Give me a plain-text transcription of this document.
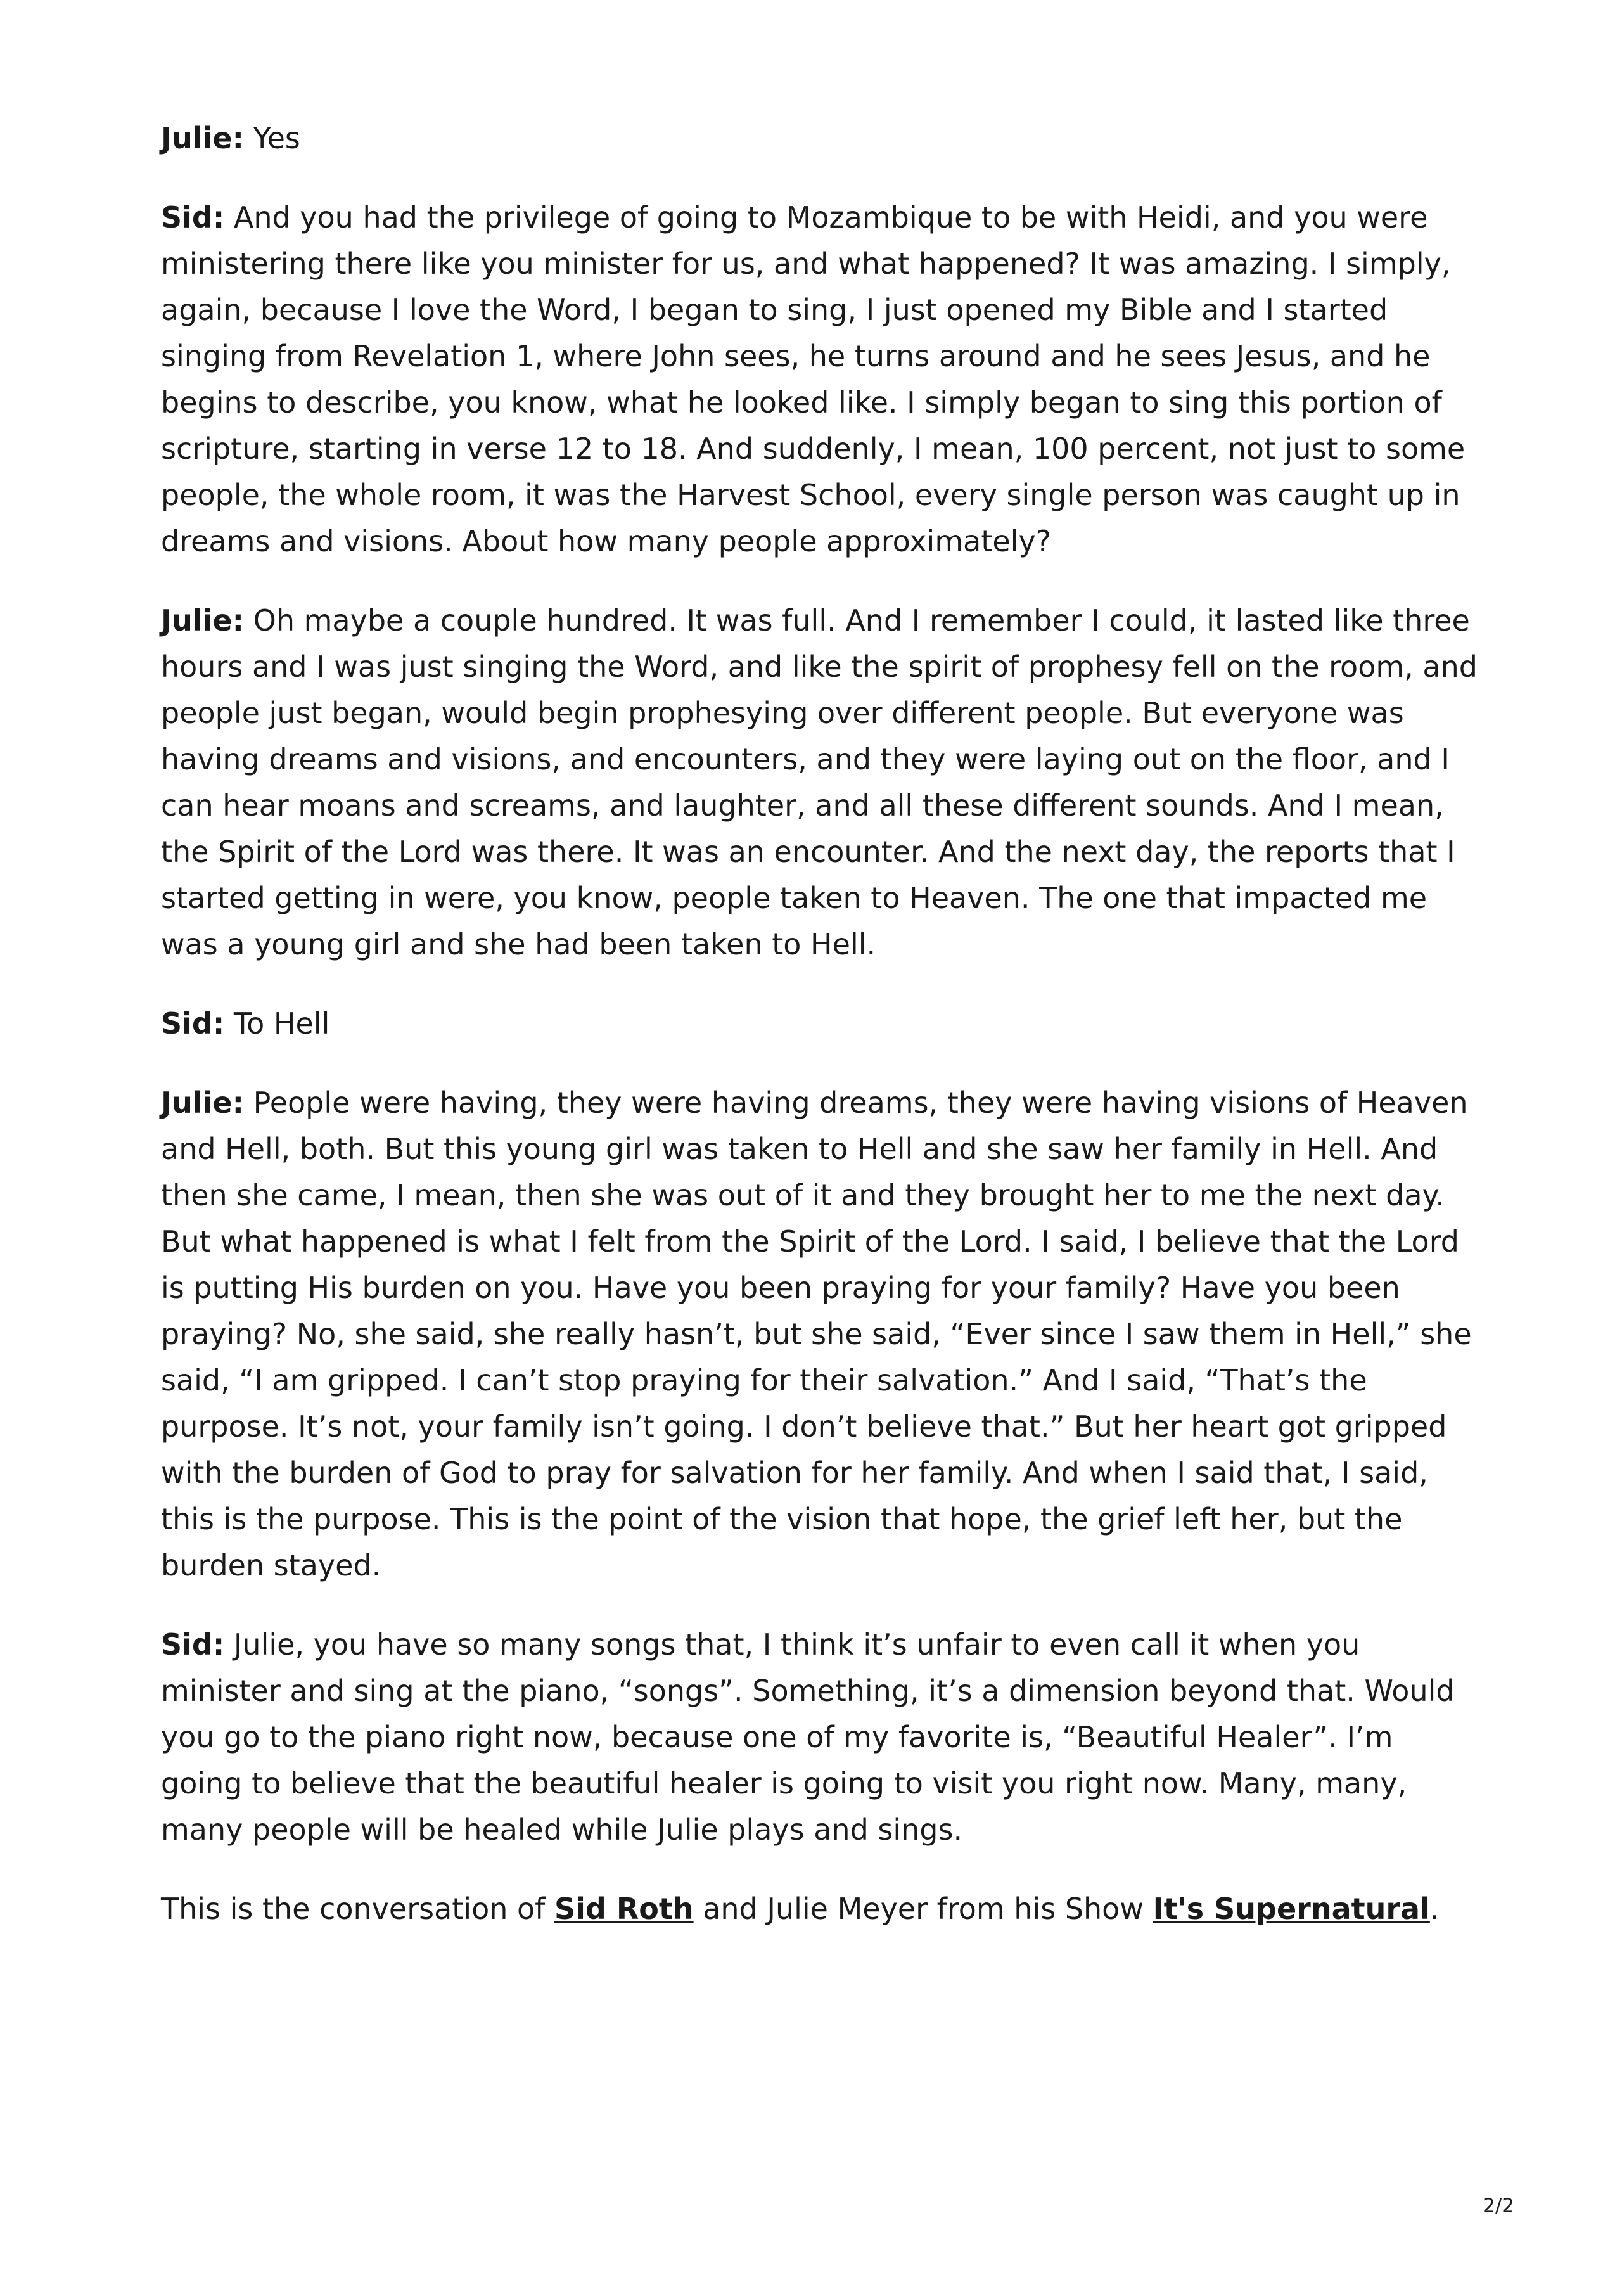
Julie: Yes

Sid: And you had the privilege of going to Mozambique to be with Heidi, and you were ministering there like you minister for us, and what happened? It was amazing. I simply, again, because I love the Word, I began to sing, I just opened my Bible and I started singing from Revelation 1, where John sees, he turns around and he sees Jesus, and he begins to describe, you know, what he looked like. I simply began to sing this portion of scripture, starting in verse 12 to 18. And suddenly, I mean, 100 percent, not just to some people, the whole room, it was the Harvest School, every single person was caught up in dreams and visions. About how many people approximately?

Julie: Oh maybe a couple hundred. It was full. And I remember I could, it lasted like three hours and I was just singing the Word, and like the spirit of prophesy fell on the room, and people just began, would begin prophesying over different people. But everyone was having dreams and visions, and encounters, and they were laying out on the floor, and I can hear moans and screams, and laughter, and all these different sounds. And I mean, the Spirit of the Lord was there. It was an encounter. And the next day, the reports that I started getting in were, you know, people taken to Heaven. The one that impacted me was a young girl and she had been taken to Hell.

Sid: To Hell

Julie: People were having, they were having dreams, they were having visions of Heaven and Hell, both. But this young girl was taken to Hell and she saw her family in Hell. And then she came, I mean, then she was out of it and they brought her to me the next day. But what happened is what I felt from the Spirit of the Lord. I said, I believe that the Lord is putting His burden on you. Have you been praying for your family? Have you been praying? No, she said, she really hasn’t, but she said, “Ever since I saw them in Hell,” she said, “I am gripped. I can’t stop praying for their salvation.” And I said, “That’s the purpose. It’s not, your family isn’t going. I don’t believe that.” But her heart got gripped with the burden of God to pray for salvation for her family. And when I said that, I said, this is the purpose. This is the point of the vision that hope, the grief left her, but the burden stayed.

Sid: Julie, you have so many songs that, I think it’s unfair to even call it when you minister and sing at the piano, “songs”. Something, it’s a dimension beyond that. Would you go to the piano right now, because one of my favorite is, “Beautiful Healer”. I’m going to believe that the beautiful healer is going to visit you right now. Many, many, many people will be healed while Julie plays and sings.

This is the conversation of Sid Roth and Julie Meyer from his Show It's Supernatural.

2/2
